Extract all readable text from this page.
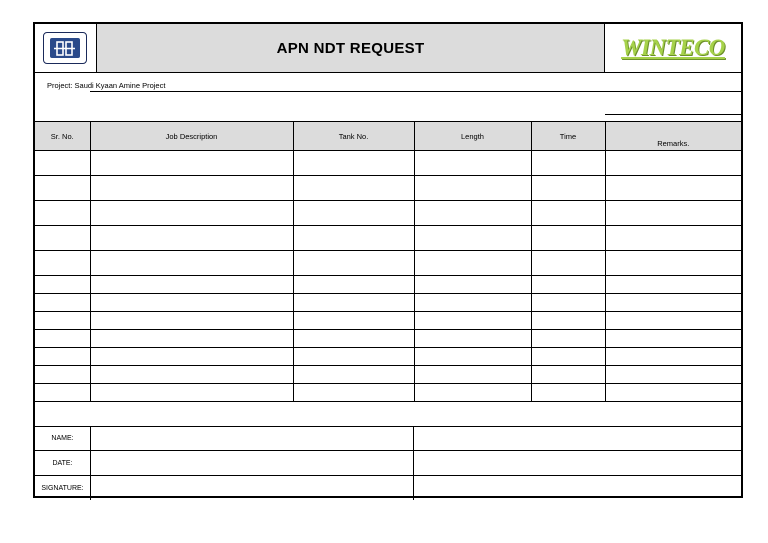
APN NDT REQUEST	WINTECO
Project: Saudi Kyaan Amine Project
Sr. No.	Job Description	Tank No.	Length	Time	Remarks.

NAME:
DATE:
SIGNATURE:
